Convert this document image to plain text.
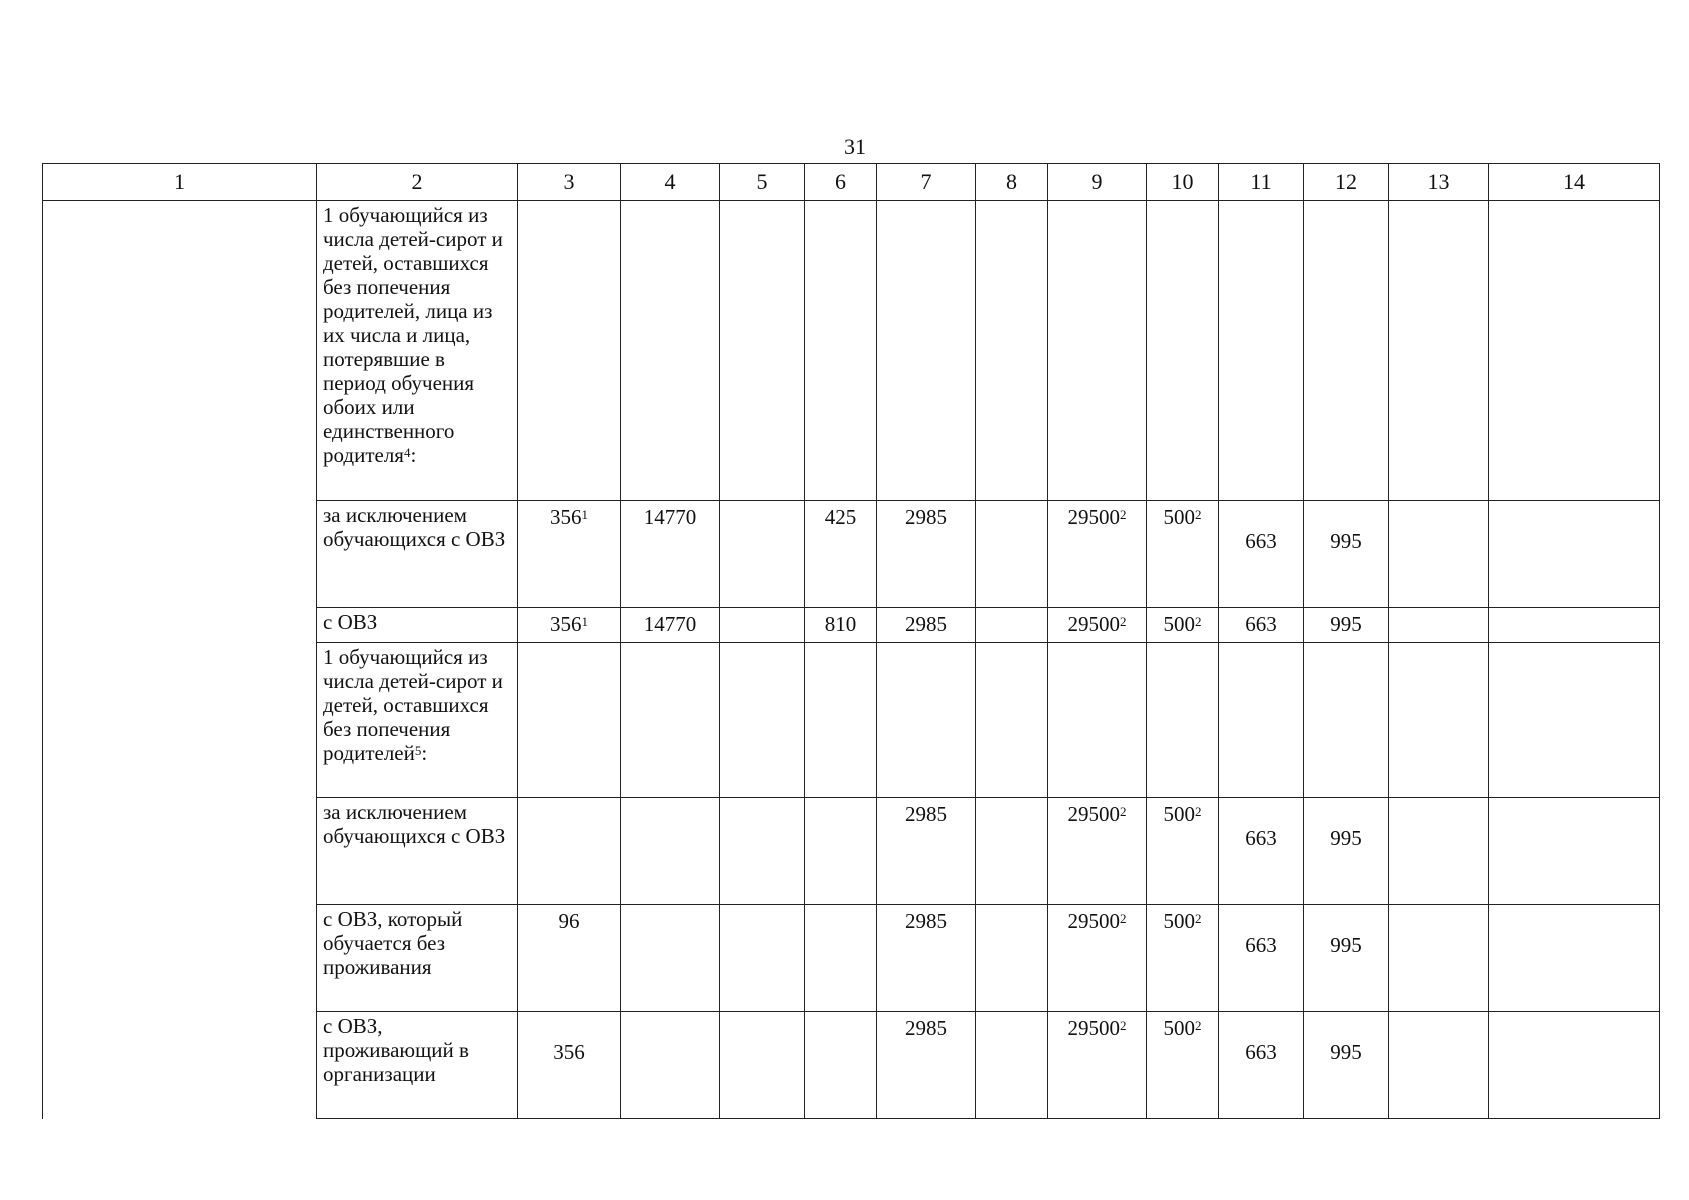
31
1	2	3	4	5	6	7	8	9	10	11	12	13	14
	1 обучающийся из числа детей-сирот и детей, оставшихся без попечения родителей, лица из их числа и лица, потерявшие в период обучения обоих или единственного родителя$^4$:												
	за исключением обучающихся с ОВЗ	$356^1$	14770		425	2985		29500$^2$	$500^2$	663	995		
	с ОВЗ	$356^1$	14770		810	2985		29500$^2$	$500^2$	663	995		
	1 обучающийся из числа детей-сирот и детей, оставшихся без попечения родителей$^5$:												
	за исключением обучающихся с ОВЗ					2985		29500$^2$	$500^2$	663	995		
	с ОВЗ, который обучается без проживания	96				2985		29500$^2$	$500^2$	663	995		
	с ОВЗ, проживающий в организации	356				2985		29500$^2$	$500^2$	663	995		
